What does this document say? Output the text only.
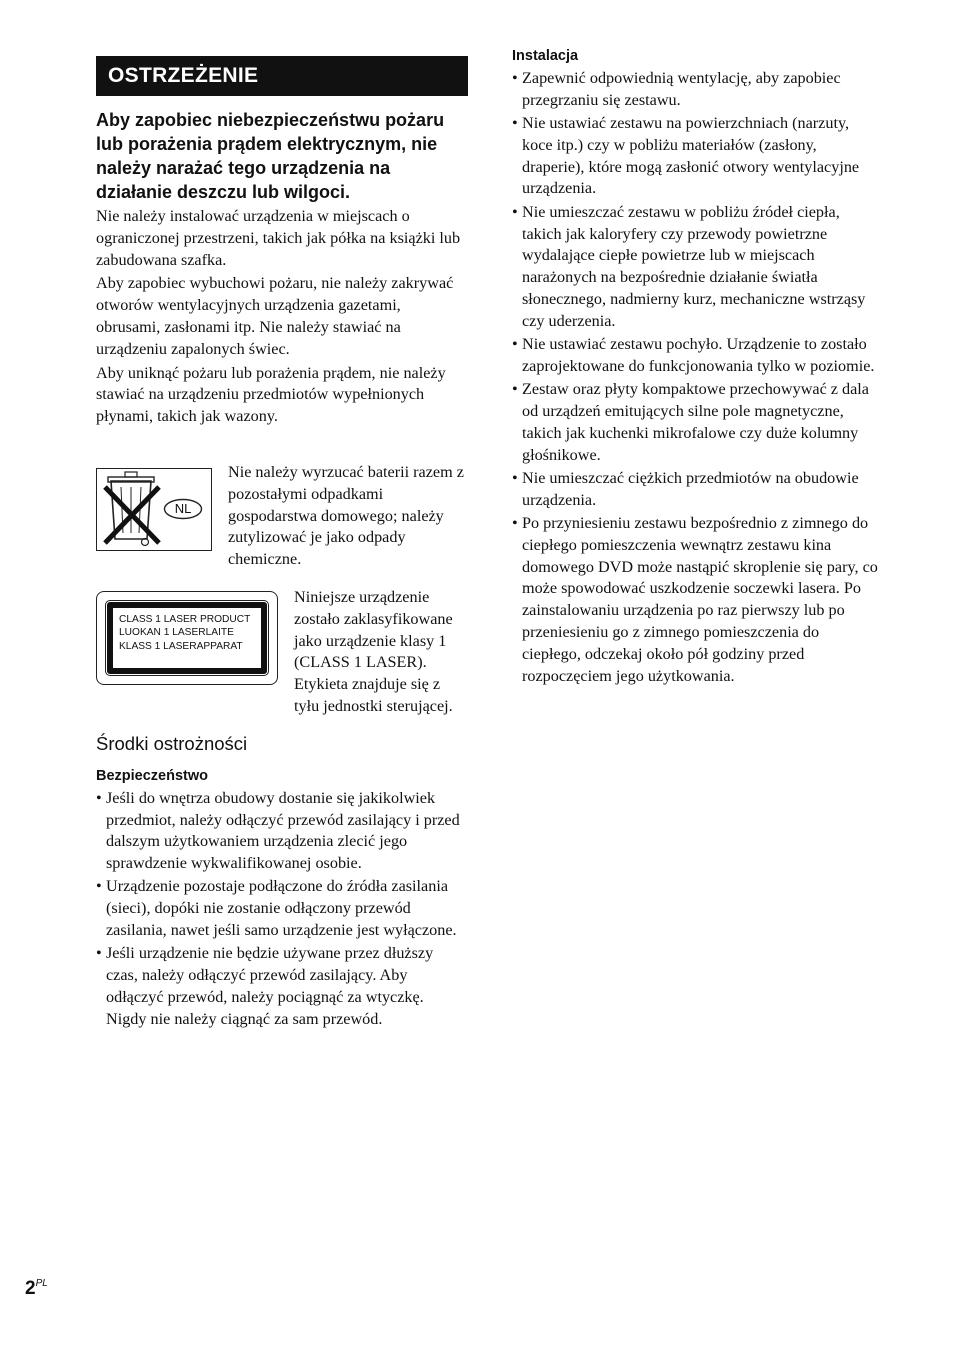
OSTRZEŻENIE
Aby zapobiec niebezpieczeństwu pożaru lub porażenia prądem elektrycznym, nie należy narażać tego urządzenia na działanie deszczu lub wilgoci.

Nie należy instalować urządzenia w miejscach o ograniczonej przestrzeni, takich jak półka na książki lub zabudowana szafka.

Aby zapobiec wybuchowi pożaru, nie należy zakrywać otworów wentylacyjnych urządzenia gazetami, obrusami, zasłonami itp. Nie należy stawiać na urządzeniu zapalonych świec.

Aby uniknąć pożaru lub porażenia prądem, nie należy stawiać na urządzeniu przedmiotów wypełnionych płynami, takich jak wazony.

NL
Nie należy wyrzucać baterii razem z pozostałymi odpadkami gospodarstwa domowego; należy zutylizować je jako odpady chemiczne.
CLASS 1 LASER PRODUCT
LUOKAN 1 LASERLAITE
KLASS 1 LASERAPPARAT
Niniejsze urządzenie zostało zaklasyfikowane jako urządzenie klasy 1 (CLASS 1 LASER). Etykieta znajduje się z tyłu jednostki sterującej.
Środki ostrożności
Bezpieczeństwo
• Jeśli do wnętrza obudowy dostanie się jakikolwiek przedmiot, należy odłączyć przewód zasilający i przed dalszym użytkowaniem urządzenia zlecić jego sprawdzenie wykwalifikowanej osobie.
• Urządzenie pozostaje podłączone do źródła zasilania (sieci), dopóki nie zostanie odłączony przewód zasilania, nawet jeśli samo urządzenie jest wyłączone.
• Jeśli urządzenie nie będzie używane przez dłuższy czas, należy odłączyć przewód zasilający. Aby odłączyć przewód, należy pociągnąć za wtyczkę. Nigdy nie należy ciągnąć za sam przewód.
Instalacja
• Zapewnić odpowiednią wentylację, aby zapobiec przegrzaniu się zestawu.
• Nie ustawiać zestawu na powierzchniach (narzuty, koce itp.) czy w pobliżu materiałów (zasłony, draperie), które mogą zasłonić otwory wentylacyjne urządzenia.
• Nie umieszczać zestawu w pobliżu źródeł ciepła, takich jak kaloryfery czy przewody powietrzne wydalające ciepłe powietrze lub w miejscach narażonych na bezpośrednie działanie światła słonecznego, nadmierny kurz, mechaniczne wstrząsy czy uderzenia.
• Nie ustawiać zestawu pochyło. Urządzenie to zostało zaprojektowane do funkcjonowania tylko w poziomie.
• Zestaw oraz płyty kompaktowe przechowywać z dala od urządzeń emitujących silne pole magnetyczne, takich jak kuchenki mikrofalowe czy duże kolumny głośnikowe.
• Nie umieszczać ciężkich przedmiotów na obudowie urządzenia.
• Po przyniesieniu zestawu bezpośrednio z zimnego do ciepłego pomieszczenia wewnątrz zestawu kina domowego DVD może nastąpić skroplenie się pary, co może spowodować uszkodzenie soczewki lasera. Po zainstalowaniu urządzenia po raz pierwszy lub po przeniesieniu go z zimnego pomieszczenia do ciepłego, odczekaj około pół godziny przed rozpoczęciem jego użytkowania.
$2^{PL}$
